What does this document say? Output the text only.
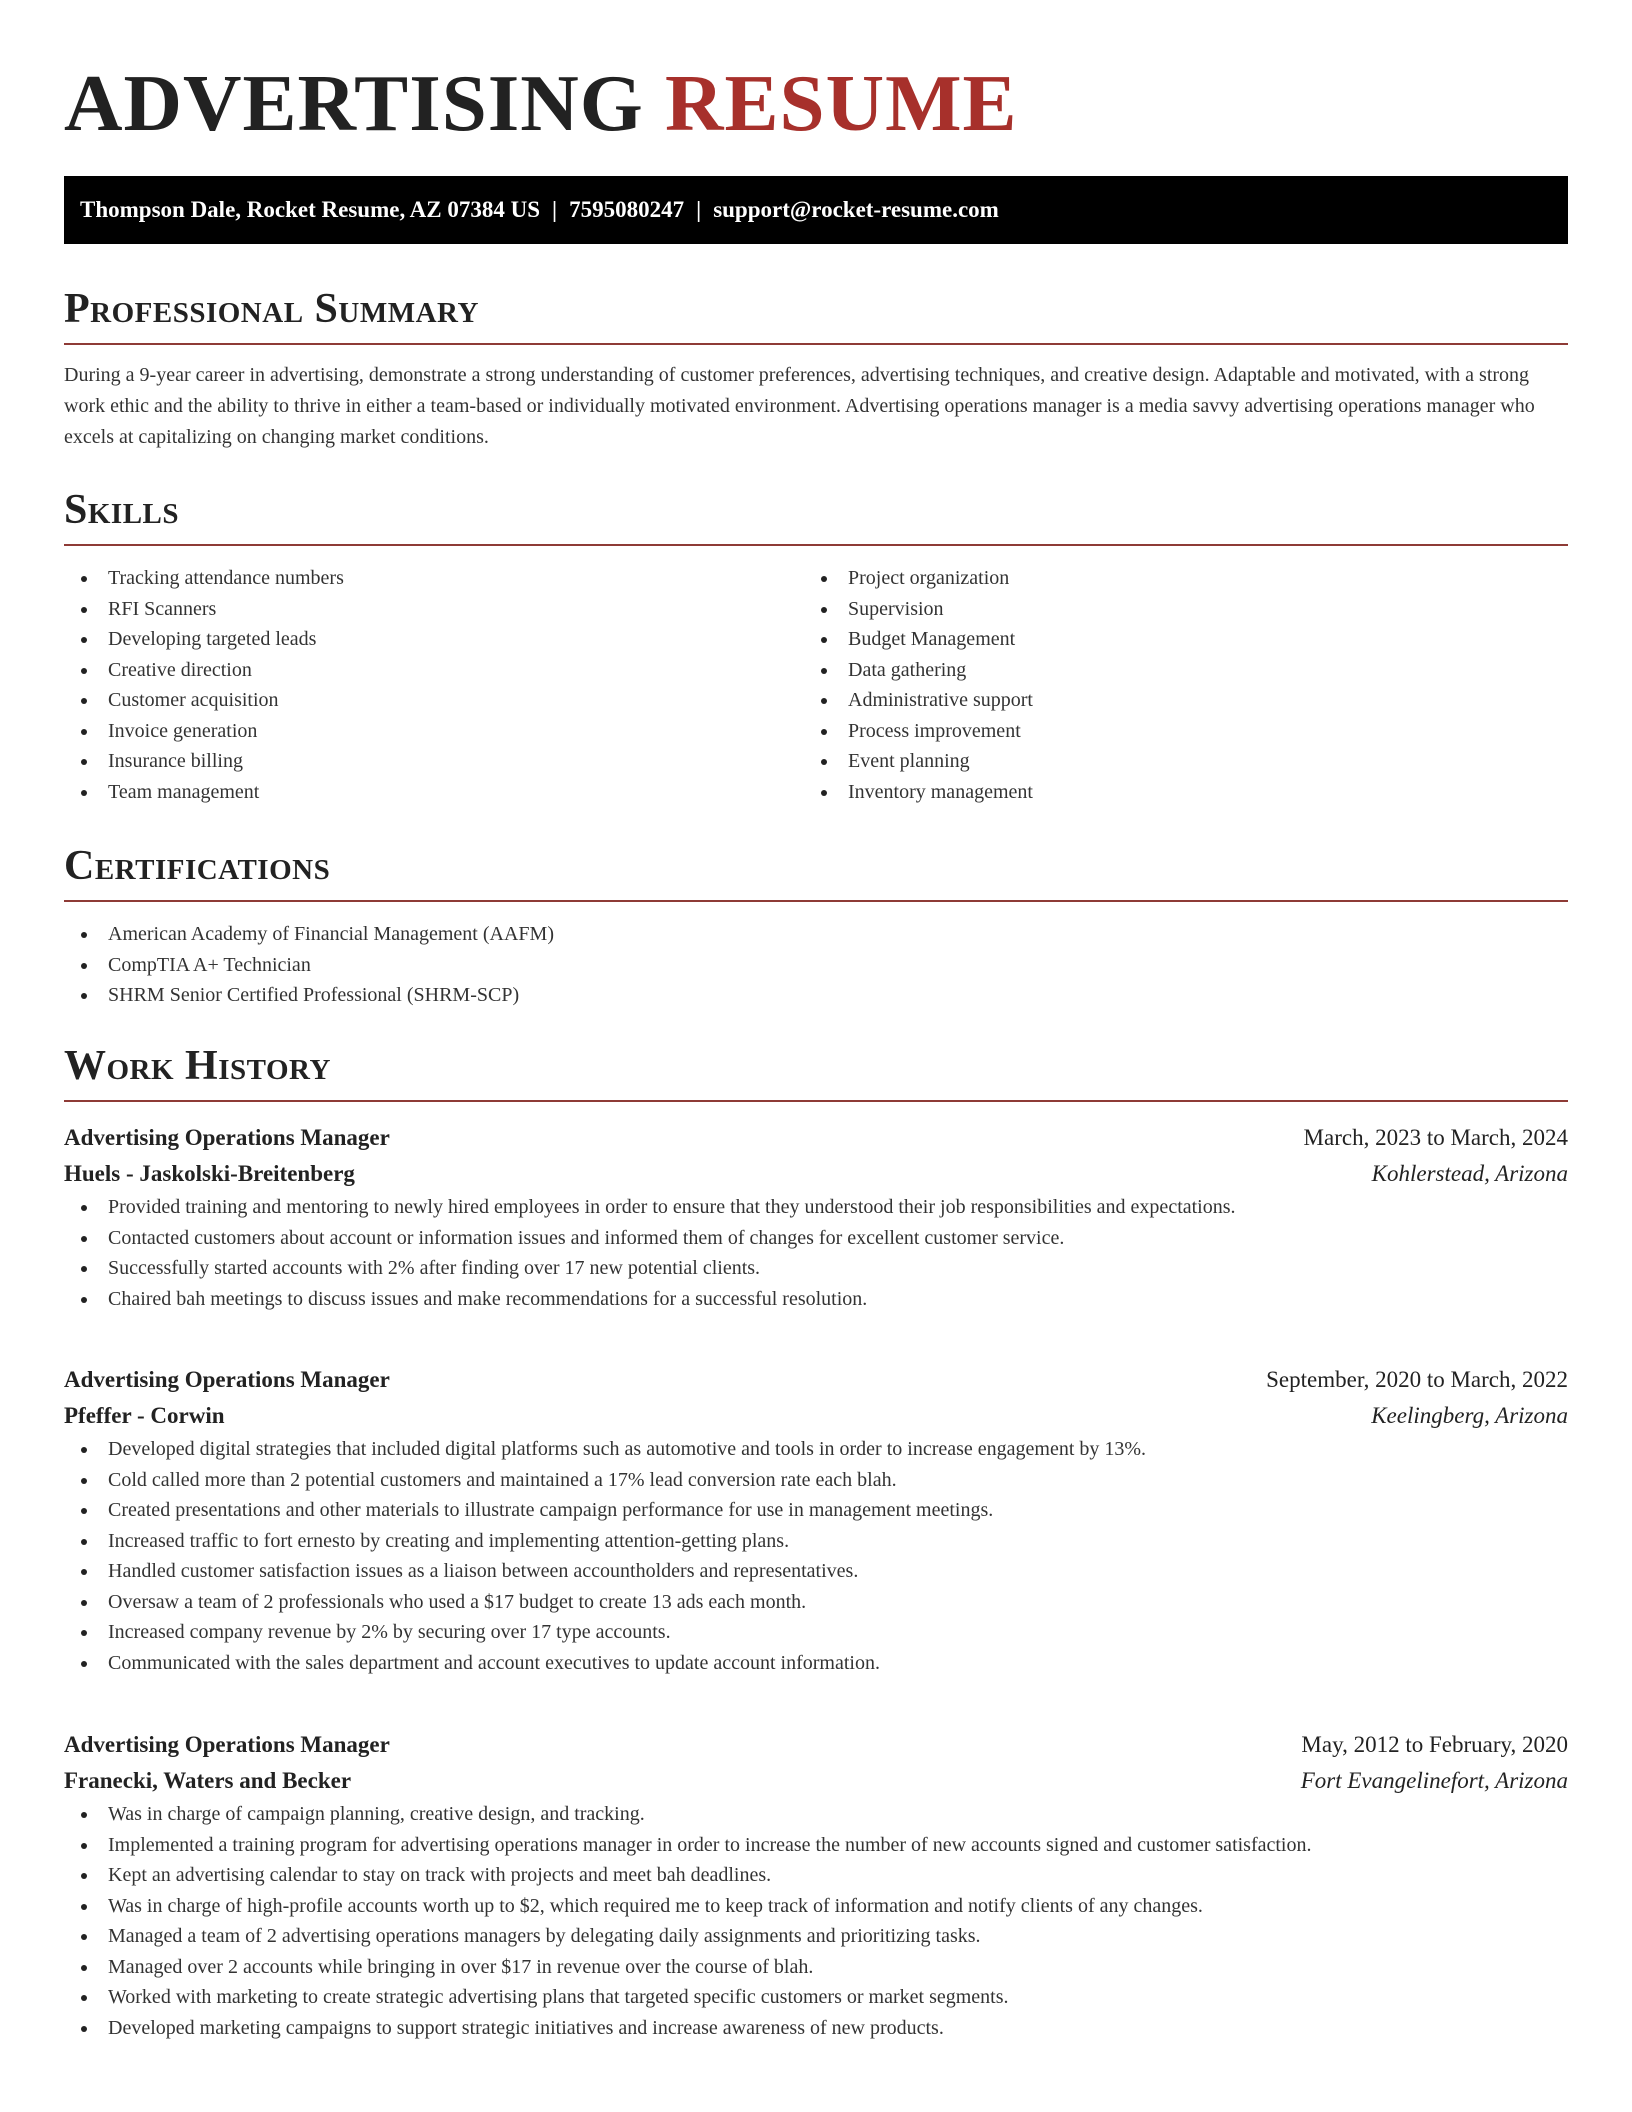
ADVERTISING RESUME
Thompson Dale, Rocket Resume, AZ 07384 US | 7595080247 | support@rocket-resume.com
Professional Summary
During a 9-year career in advertising, demonstrate a strong understanding of customer preferences, advertising techniques, and creative design. Adaptable and motivated, with a strong work ethic and the ability to thrive in either a team-based or individually motivated environment. Advertising operations manager is a media savvy advertising operations manager who excels at capitalizing on changing market conditions.
Skills
Tracking attendance numbers
RFI Scanners
Developing targeted leads
Creative direction
Customer acquisition
Invoice generation
Insurance billing
Team management
Project organization
Supervision
Budget Management
Data gathering
Administrative support
Process improvement
Event planning
Inventory management
Certifications
American Academy of Financial Management (AAFM)
CompTIA A+ Technician
SHRM Senior Certified Professional (SHRM-SCP)
Work History
Advertising Operations Manager	March, 2023 to March, 2024
Huels - Jaskolski-Breitenberg	Kohlerstead, Arizona
Provided training and mentoring to newly hired employees in order to ensure that they understood their job responsibilities and expectations.
Contacted customers about account or information issues and informed them of changes for excellent customer service.
Successfully started accounts with 2% after finding over 17 new potential clients.
Chaired bah meetings to discuss issues and make recommendations for a successful resolution.
Advertising Operations Manager	September, 2020 to March, 2022
Pfeffer - Corwin	Keelingberg, Arizona
Developed digital strategies that included digital platforms such as automotive and tools in order to increase engagement by 13%.
Cold called more than 2 potential customers and maintained a 17% lead conversion rate each blah.
Created presentations and other materials to illustrate campaign performance for use in management meetings.
Increased traffic to fort ernesto by creating and implementing attention-getting plans.
Handled customer satisfaction issues as a liaison between accountholders and representatives.
Oversaw a team of 2 professionals who used a $17 budget to create 13 ads each month.
Increased company revenue by 2% by securing over 17 type accounts.
Communicated with the sales department and account executives to update account information.
Advertising Operations Manager	May, 2012 to February, 2020
Franecki, Waters and Becker	Fort Evangelinefort, Arizona
Was in charge of campaign planning, creative design, and tracking.
Implemented a training program for advertising operations manager in order to increase the number of new accounts signed and customer satisfaction.
Kept an advertising calendar to stay on track with projects and meet bah deadlines.
Was in charge of high-profile accounts worth up to $2, which required me to keep track of information and notify clients of any changes.
Managed a team of 2 advertising operations managers by delegating daily assignments and prioritizing tasks.
Managed over 2 accounts while bringing in over $17 in revenue over the course of blah.
Worked with marketing to create strategic advertising plans that targeted specific customers or market segments.
Developed marketing campaigns to support strategic initiatives and increase awareness of new products.
